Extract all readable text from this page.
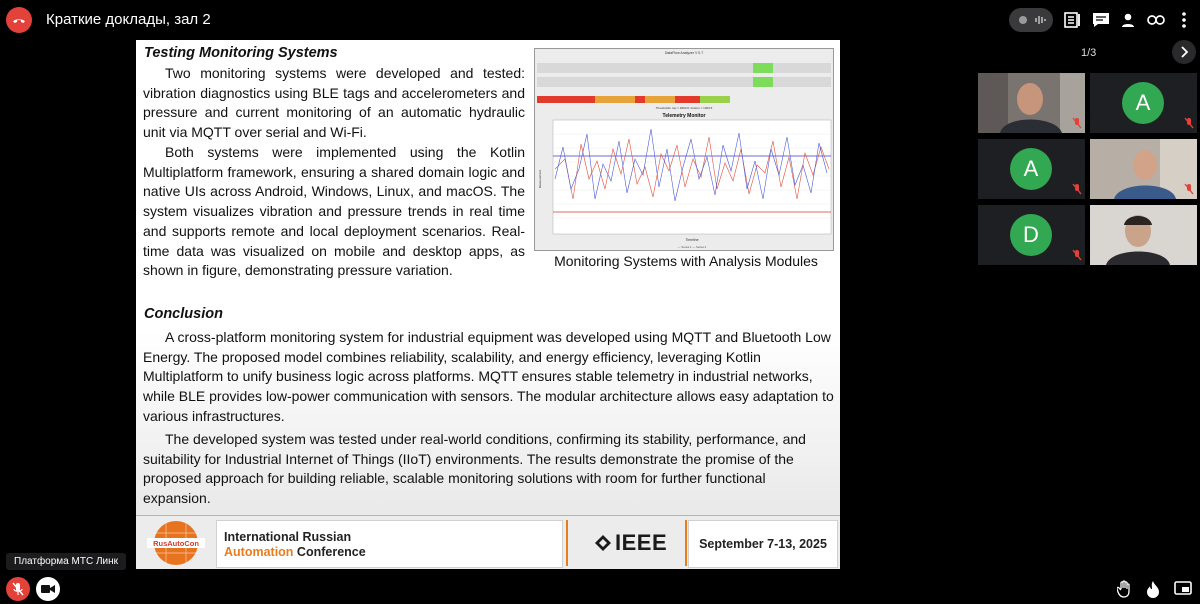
Краткие доклады, зал 2
Testing Monitoring Systems
Two monitoring systems were developed and tested: vibration diagnostics using BLE tags and accelerometers and pressure and current monitoring of an automatic hydraulic unit via MQTT over serial and Wi-Fi.
Both systems were implemented using the Kotlin Multiplatform framework, ensuring a shared domain logic and native UIs across Android, Windows, Linux, and macOS. The system visualizes vibration and pressure trends in real time and supports remote and local deployment scenarios. Real-time data was visualized on mobile and desktop apps, as shown in figure, demonstrating pressure variation.
DataFlow Analyzer V 0.7
Thresholds: top = 2963.8, bottom = 1363.6
Telemetry Monitor
Timeline
— Series 1 — Series 2
Measurement
Monitoring Systems with Analysis Modules
Conclusion
A cross-platform monitoring system for industrial equipment was developed using MQTT and Bluetooth Low Energy. The proposed model combines reliability, scalability, and energy efficiency, leveraging Kotlin Multiplatform to unify business logic across platforms. MQTT ensures stable telemetry in industrial networks, while BLE provides low-power communication with sensors. The modular architecture allows easy adaptation to various infrastructures.
The developed system was tested under real-world conditions, confirming its stability, performance, and suitability for Industrial Internet of Things (IIoT) environments. The results demonstrate the promise of the proposed approach for building reliable, scalable monitoring solutions with room for further functional expansion.
RusAutoCon International Russian
Automation Conference	IEEE	September 7-13, 2025
1/3
A
A
D
Платформа МТС Линк
